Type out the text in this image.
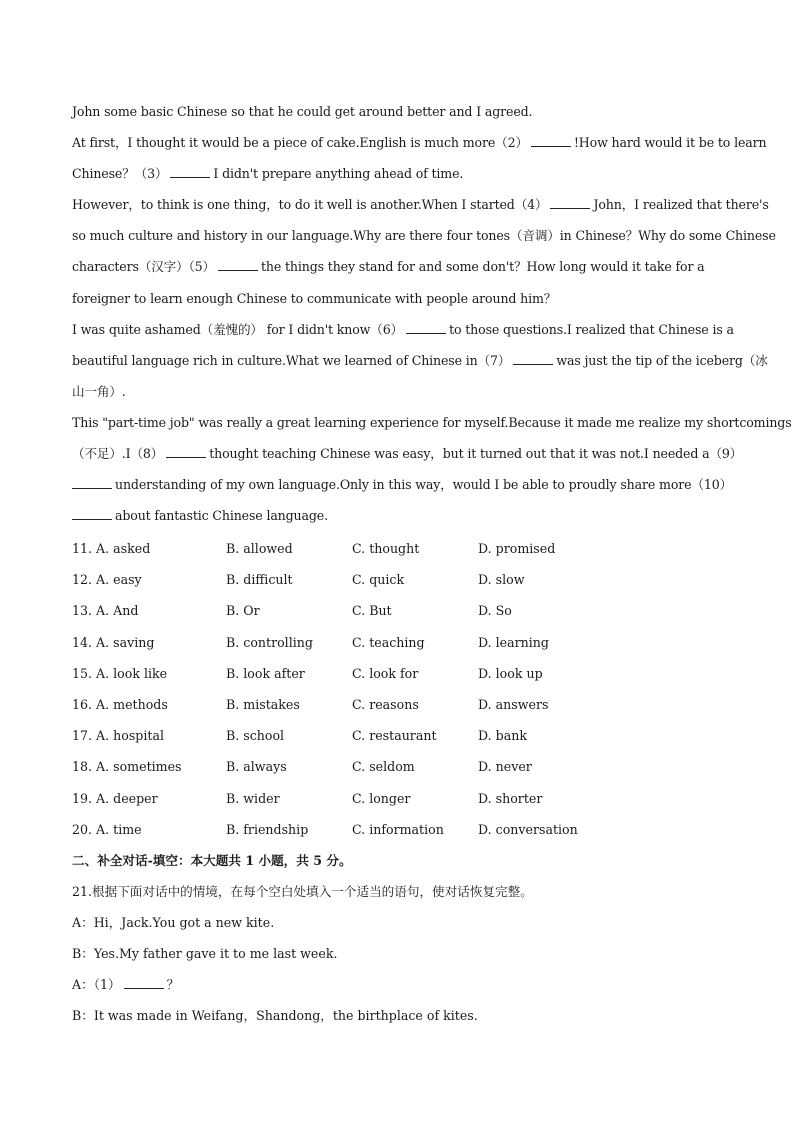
John some basic Chinese so that he could get around better and I agreed.
At first，I thought it would be a piece of cake.English is much more（2）	!How hard would it be to learn
Chinese？（3）	I didn't prepare anything ahead of time.
However，to think is one thing，to do it well is another.When I started（4）	John，I realized that there's
so much culture and history in our language.Why are there four tones（音调）in Chinese？Why do some Chinese
characters（汉字）（5）	the things they stand for and some don't？How long would it take for a
foreigner to learn enough Chinese to communicate with people around him？
I was quite ashamed（羞愧的） for I didn't know（6）	to those questions.I realized that Chinese is a
beautiful language rich in culture.What we learned of Chinese in（7）	was just the tip of the iceberg（冰
山一角）.
This "part-time job" was really a great learning experience for myself.Because it made me realize my shortcomings
（不足）.I（8）	thought teaching Chinese was easy，but it turned out that it was not.I needed a（9）
understanding of my own language.Only in this way，would I be able to proudly share more（10）
about fantastic Chinese language.
11. A. asked	B. allowed	C. thought	D. promised
12. A. easy	B. difficult	C. quick	D. slow
13. A. And	B. Or	C. But	D. So
14. A. saving	B. controlling	C. teaching	D. learning
15. A. look like	B. look after	C. look for	D. look up
16. A. methods	B. mistakes	C. reasons	D. answers
17. A. hospital	B. school	C. restaurant	D. bank
18. A. sometimes	B. always	C. seldom	D. never
19. A. deeper	B. wider	C. longer	D. shorter
20. A. time	B. friendship	C. information	D. conversation
二、补全对话-填空：本大题共 1 小题，共 5 分。
21.根据下面对话中的情境，在每个空白处填入一个适当的语句，使对话恢复完整。
A：Hi，Jack.You got a new kite.
B：Yes.My father gave it to me last week.
A：（1）	？
B：It was made in Weifang，Shandong，the birthplace of kites.
